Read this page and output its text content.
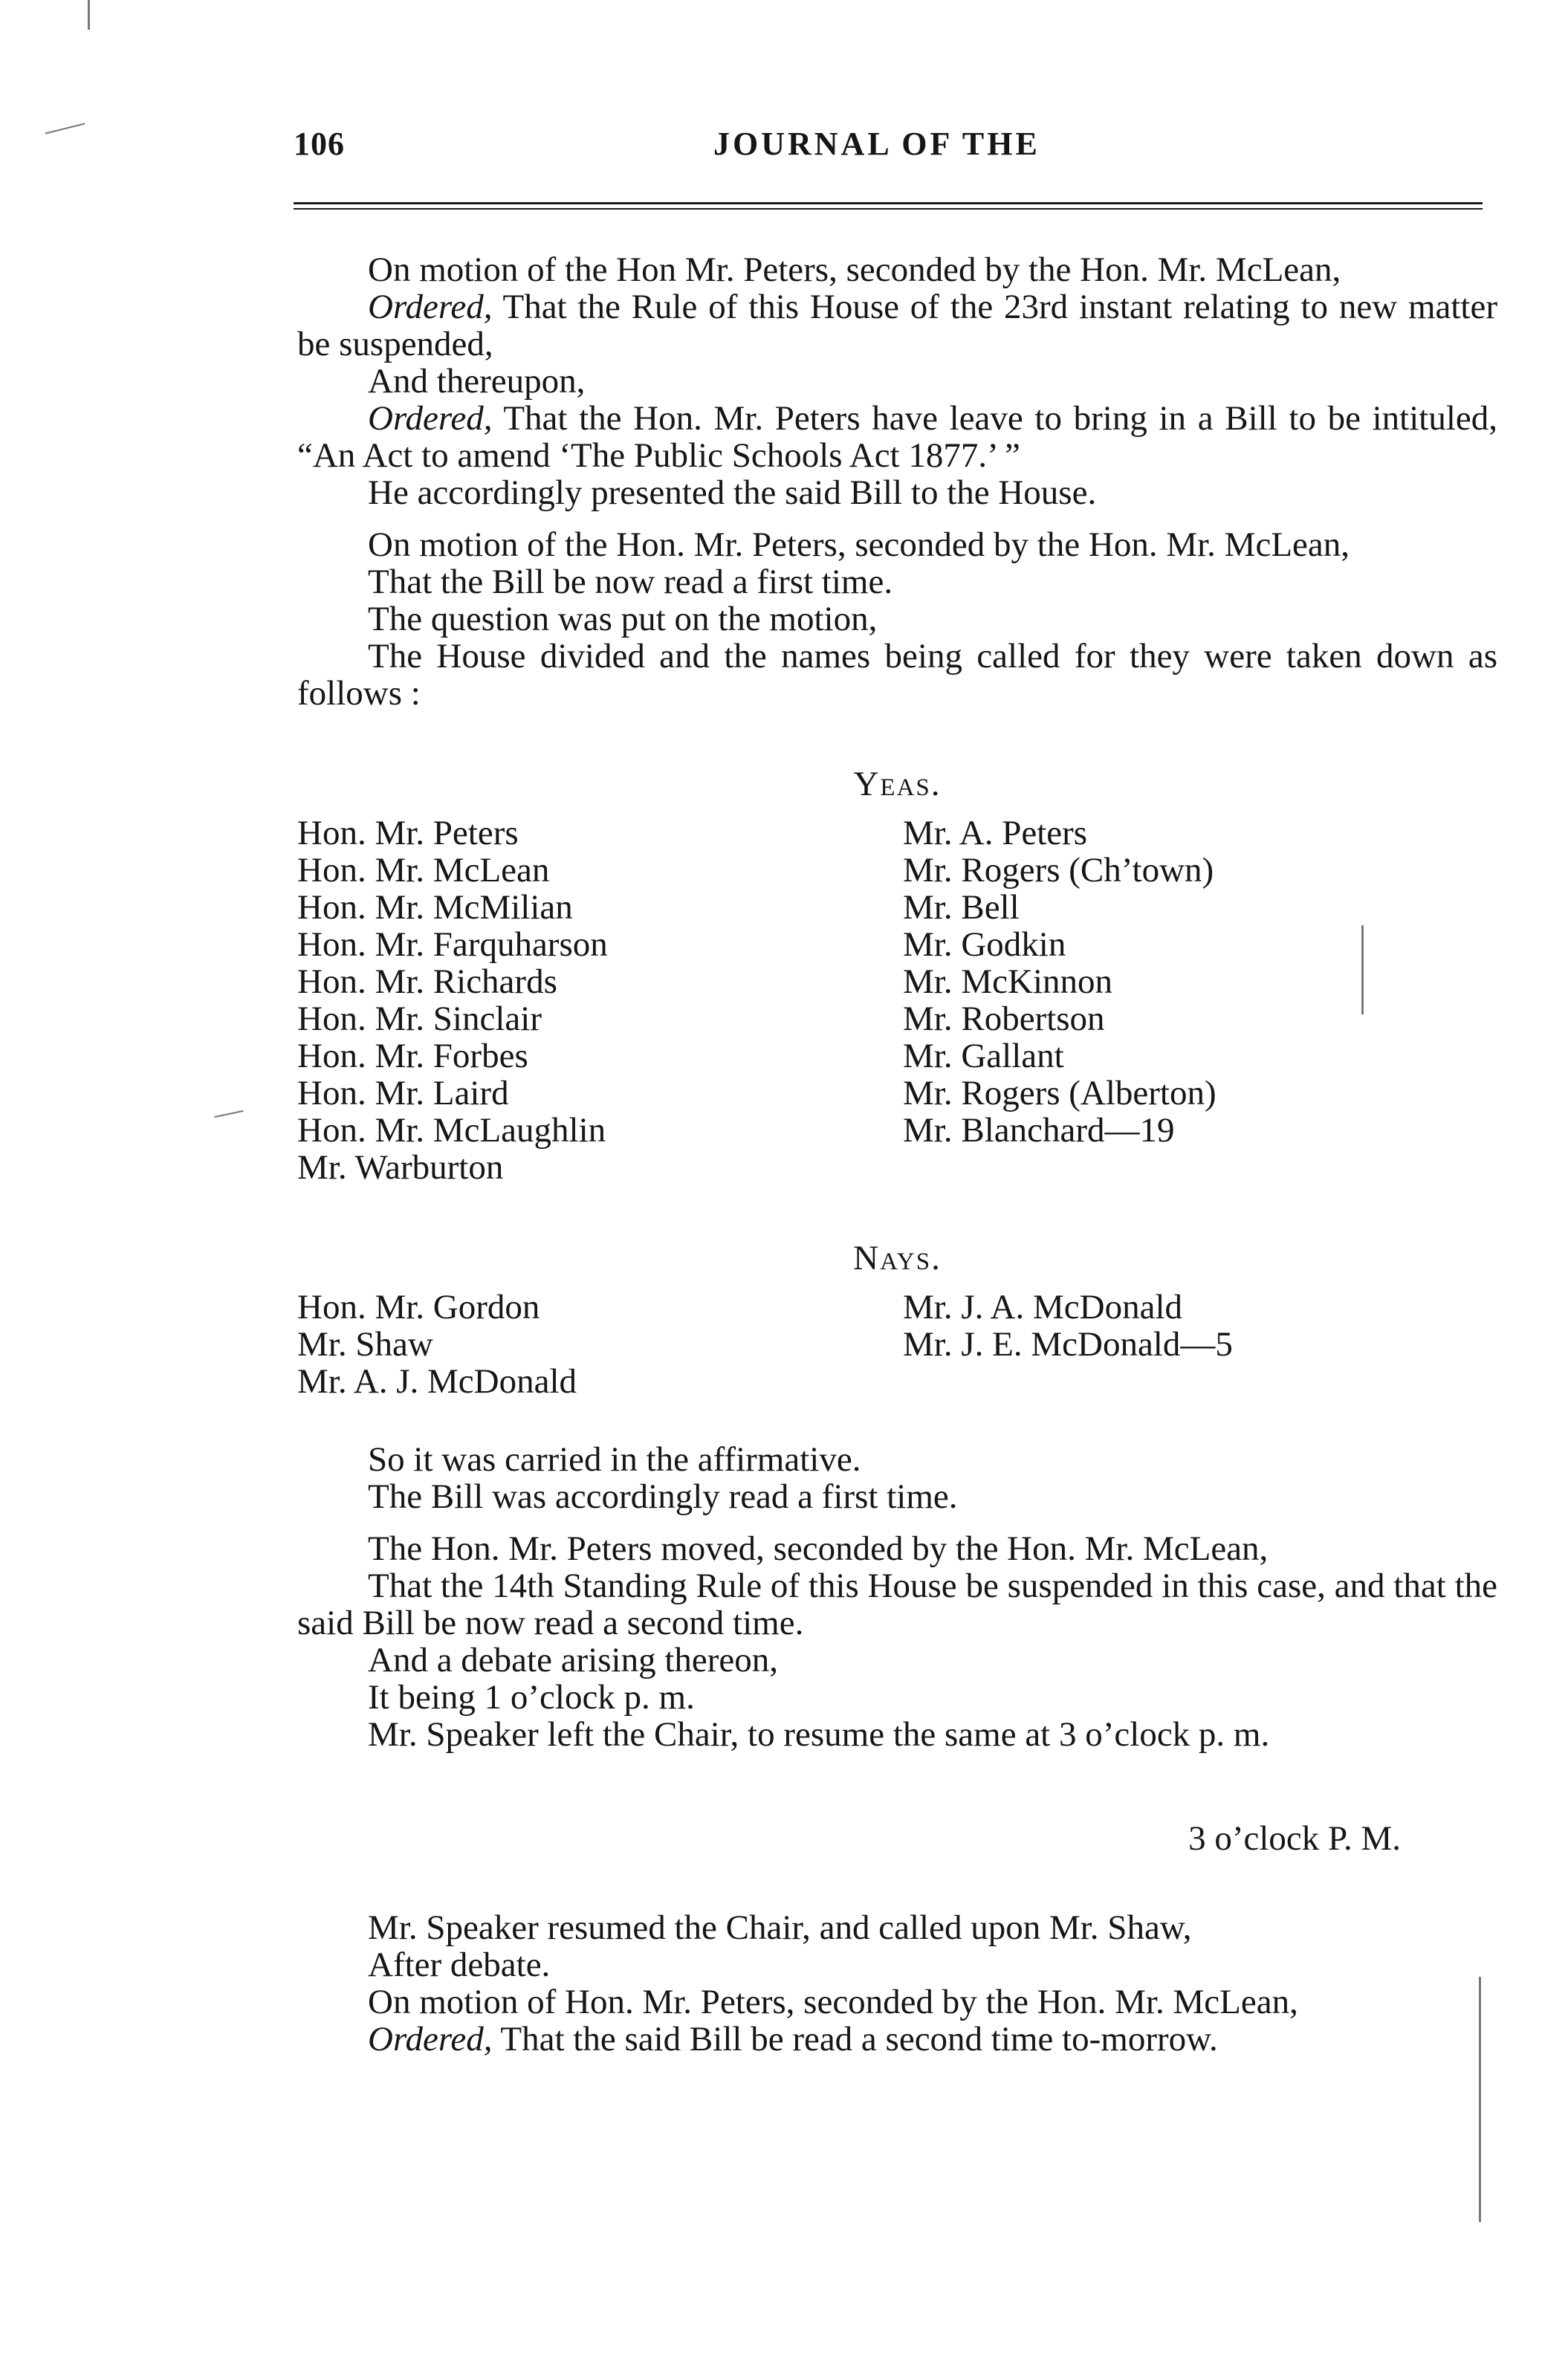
106	JOURNAL OF THE

On motion of the Hon Mr. Peters, seconded by the Hon. Mr. McLean,

Ordered, That the Rule of this House of the 23rd instant relating to new matter be suspended,

And thereupon,

Ordered, That the Hon. Mr. Peters have leave to bring in a Bill to be intituled, “An Act to amend ‘The Public Schools Act 1877.’ ”

He accordingly presented the said Bill to the House.

On motion of the Hon. Mr. Peters, seconded by the Hon. Mr. McLean,

That the Bill be now read a first time.

The question was put on the motion,

The House divided and the names being called for they were taken down as follows :

Yeas.

Hon. Mr. Peters

Hon. Mr. McLean

Hon. Mr. McMilian

Hon. Mr. Farquharson

Hon. Mr. Richards

Hon. Mr. Sinclair

Hon. Mr. Forbes

Hon. Mr. Laird

Hon. Mr. McLaughlin

Mr. Warburton

Mr. A. Peters

Mr. Rogers (Ch’town)

Mr. Bell

Mr. Godkin

Mr. McKinnon

Mr. Robertson

Mr. Gallant

Mr. Rogers (Alberton)

Mr. Blanchard—19

Nays.

Hon. Mr. Gordon

Mr. Shaw

Mr. A. J. McDonald

Mr. J. A. McDonald

Mr. J. E. McDonald—5

So it was carried in the affirmative.

The Bill was accordingly read a first time.

The Hon. Mr. Peters moved, seconded by the Hon. Mr. McLean,

That the 14th Standing Rule of this House be suspended in this case, and that the said Bill be now read a second time.

And a debate arising thereon,

It being 1 o’clock p. m.

Mr. Speaker left the Chair, to resume the same at 3 o’clock p. m.

3 o’clock P. M.

Mr. Speaker resumed the Chair, and called upon Mr. Shaw,

After debate.

On motion of Hon. Mr. Peters, seconded by the Hon. Mr. McLean,

Ordered, That the said Bill be read a second time to-morrow.
